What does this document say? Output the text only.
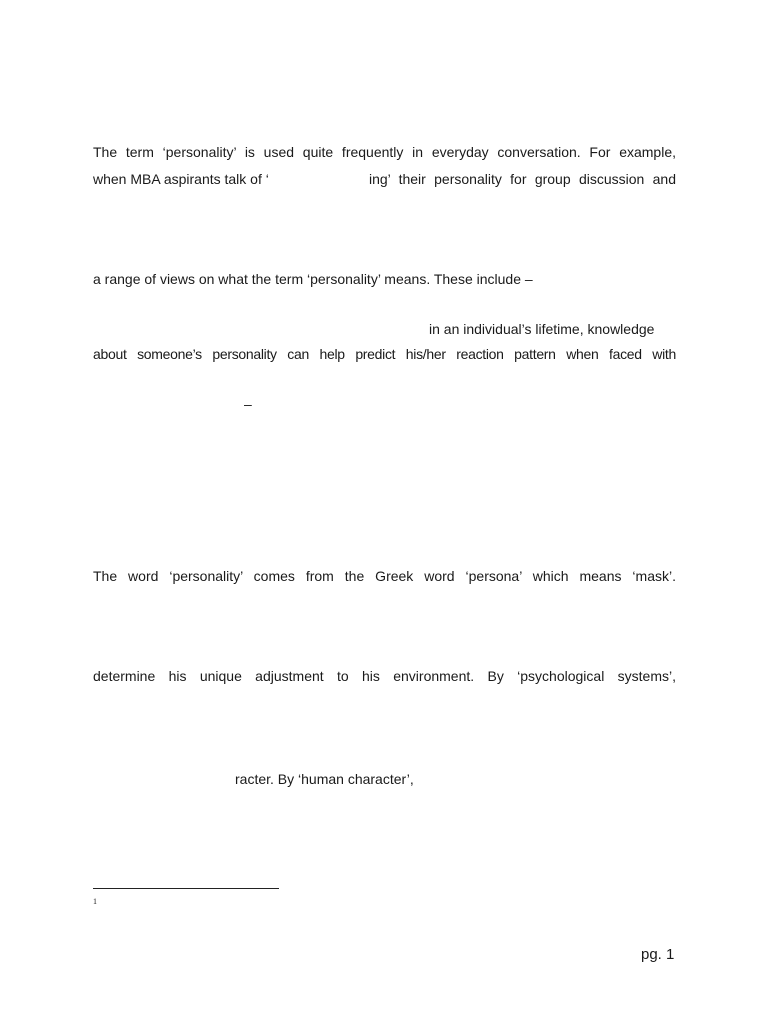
The term ‘personality’ is used quite frequently in everyday conversation. For example,
when MBA aspirants talk of ‘	ing’ their personality for group discussion and
a range of views on what the term ‘personality’ means. These include –
in an individual’s lifetime, knowledge
about someone’s personality can help predict his/her reaction pattern when faced with
–
The word ‘personality’ comes from the Greek word ‘persona’ which means ‘mask’.
determine his unique adjustment to his environment. By ‘psychological systems’,
racter. By ‘human character’,
1
pg. 1
